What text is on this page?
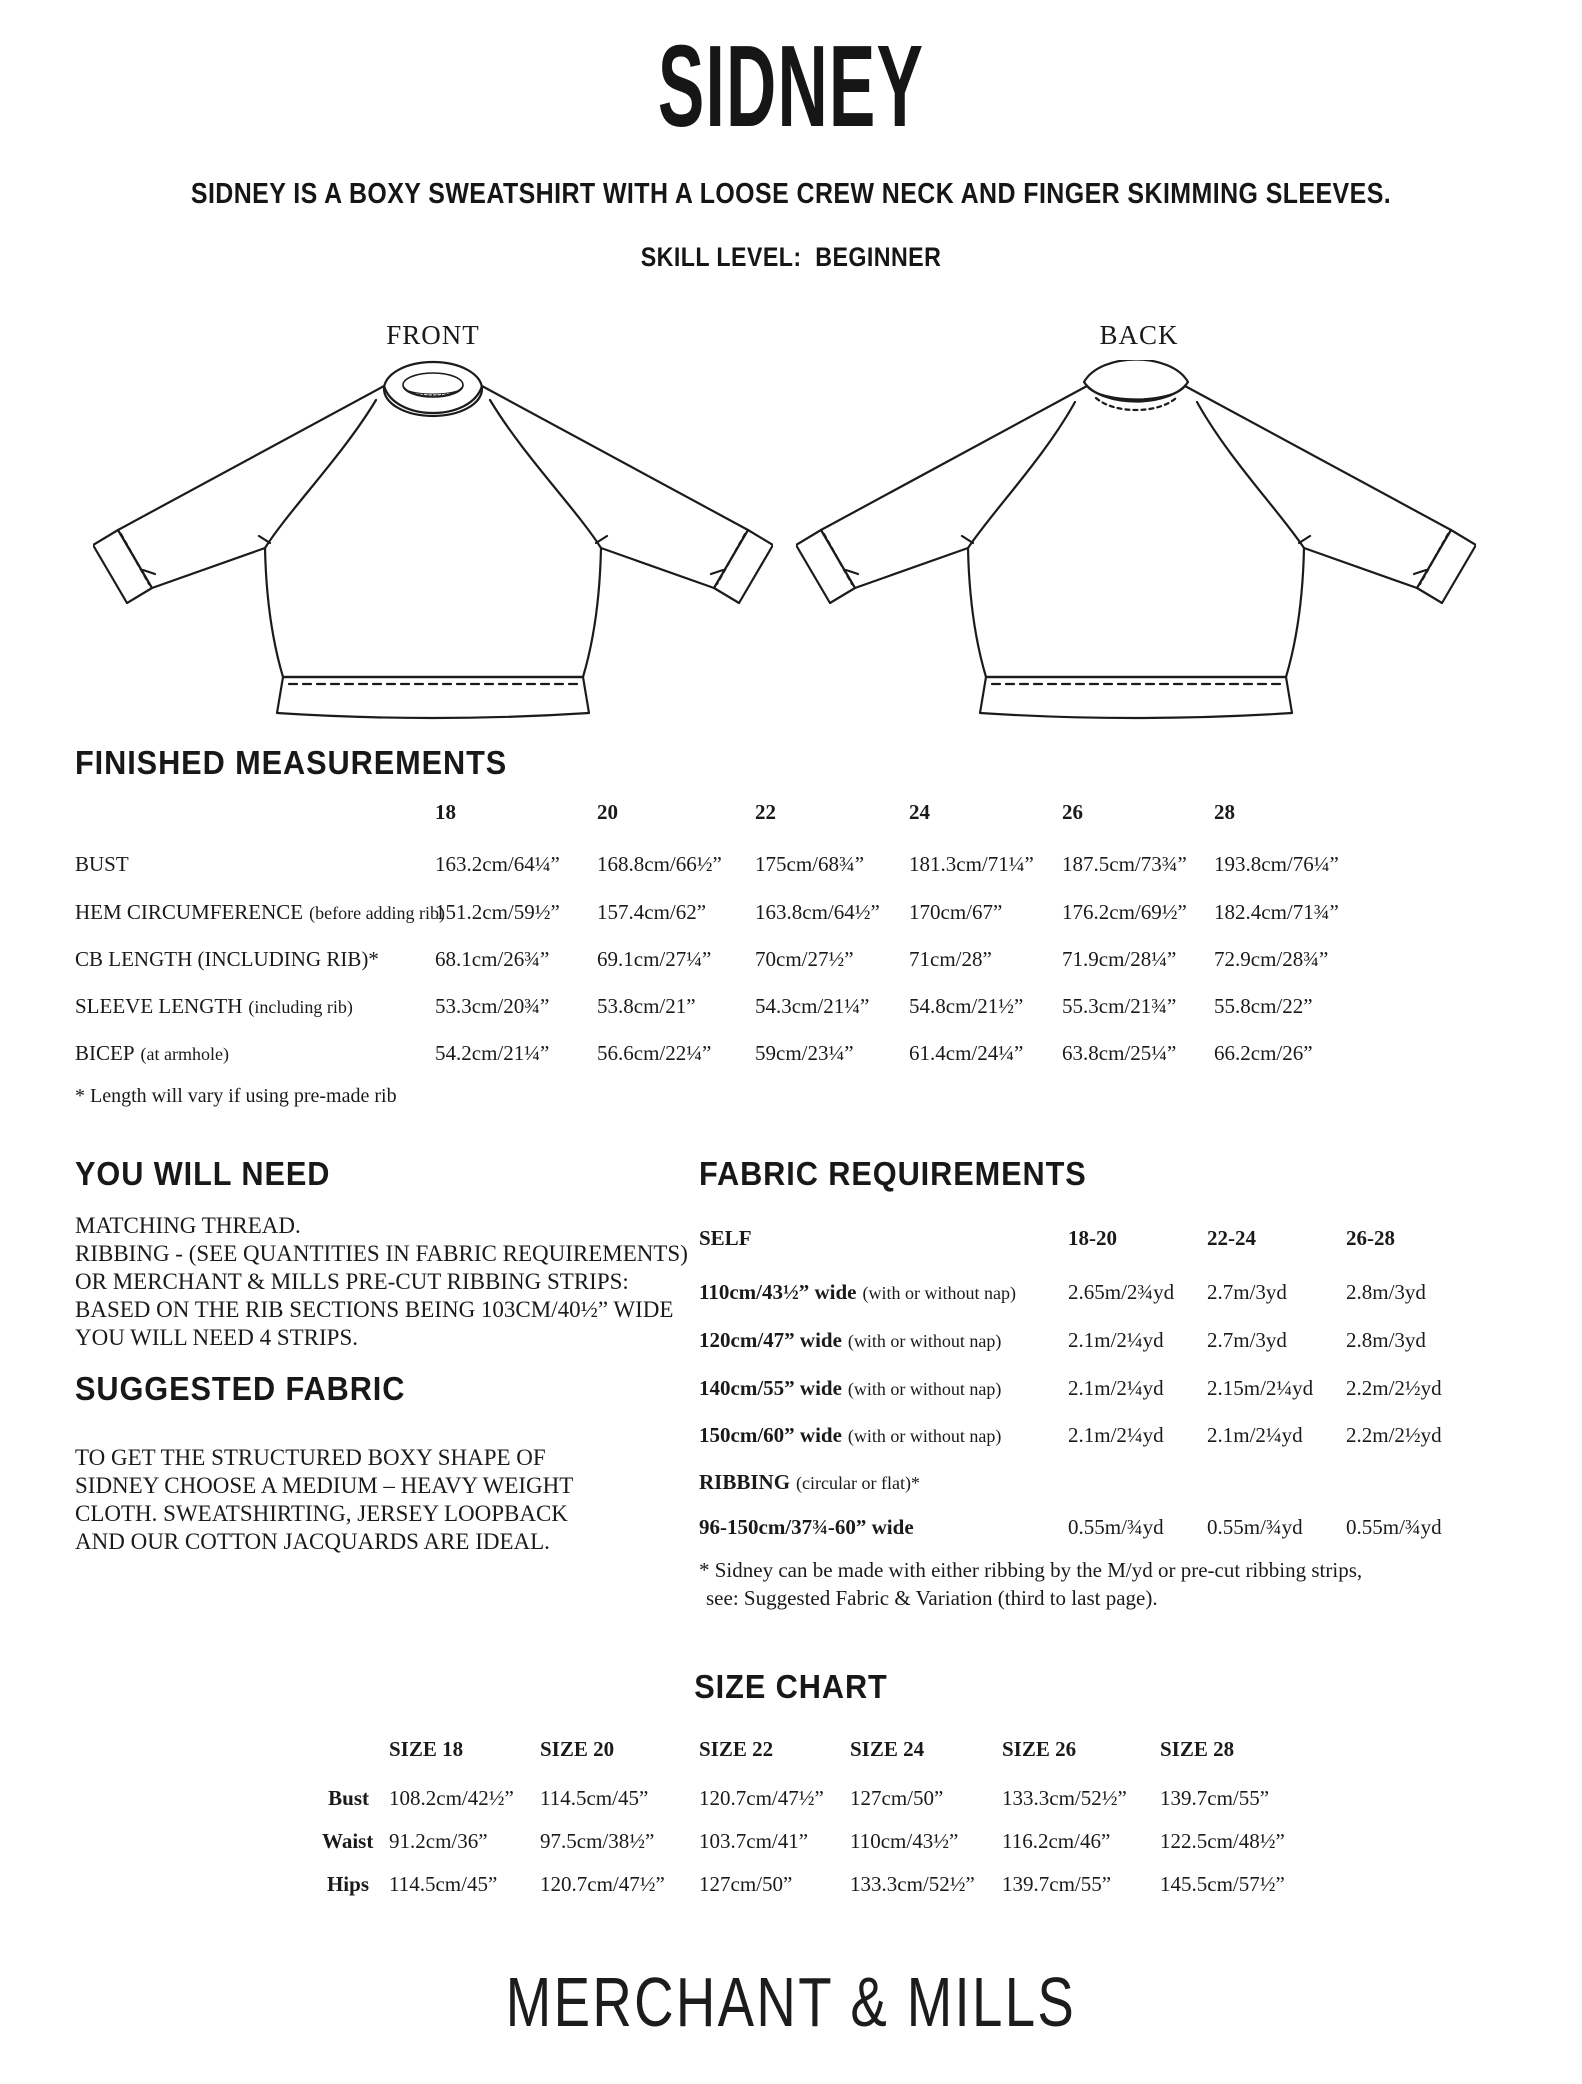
SIDNEY
SIDNEY IS A BOXY SWEATSHIRT WITH A LOOSE CREW NECK AND FINGER SKIMMING SLEEVES.
SKILL LEVEL:  BEGINNER
FRONT	BACK
FINISHED MEASUREMENTS
18	20	22	24	26	28
BUST	163.2cm/64¼”	168.8cm/66½”	175cm/68¾”	181.3cm/71¼”	187.5cm/73¾”	193.8cm/76¼”
HEM CIRCUMFERENCE (before adding rib)
151.2cm/59½”	157.4cm/62”	163.8cm/64½”	170cm/67”	176.2cm/69½”	182.4cm/71¾”
CB LENGTH (INCLUDING RIB)*	68.1cm/26¾”	69.1cm/27¼”	70cm/27½”	71cm/28”	71.9cm/28¼”	72.9cm/28¾”
SLEEVE LENGTH (including rib)	53.3cm/20¾”	53.8cm/21”	54.3cm/21¼”	54.8cm/21½”	55.3cm/21¾”	55.8cm/22”
BICEP (at armhole)	54.2cm/21¼”	56.6cm/22¼”	59cm/23¼”	61.4cm/24¼”	63.8cm/25¼”	66.2cm/26”
* Length will vary if using pre-made rib
YOU WILL NEED
MATCHING THREAD.
RIBBING - (SEE QUANTITIES IN FABRIC REQUIREMENTS) OR MERCHANT & MILLS PRE-CUT RIBBING STRIPS: BASED ON THE RIB SECTIONS BEING 103CM/40½” WIDE YOU WILL NEED 4 STRIPS.
SUGGESTED FABRIC
TO GET THE STRUCTURED BOXY SHAPE OF SIDNEY CHOOSE A MEDIUM – HEAVY WEIGHT CLOTH. SWEATSHIRTING, JERSEY LOOPBACK AND OUR COTTON JACQUARDS ARE IDEAL.
FABRIC REQUIREMENTS
SELF	18-20	22-24	26-28
110cm/43½” wide (with or without nap)	2.65m/2¾yd	2.7m/3yd	2.8m/3yd
120cm/47” wide (with or without nap)	2.1m/2¼yd	2.7m/3yd	2.8m/3yd
140cm/55” wide (with or without nap)	2.1m/2¼yd	2.15m/2¼yd	2.2m/2½yd
150cm/60” wide (with or without nap)	2.1m/2¼yd	2.1m/2¼yd	2.2m/2½yd
RIBBING (circular or flat)*
96-150cm/37¾-60” wide	0.55m/¾yd	0.55m/¾yd	0.55m/¾yd
* Sidney can be made with either ribbing by the M/yd or pre-cut ribbing strips,
see: Suggested Fabric & Variation (third to last page).
SIZE CHART
SIZE 18	SIZE 20	SIZE 22	SIZE 24	SIZE 26	SIZE 28
Bust 108.2cm/42½”	114.5cm/45”	120.7cm/47½”	127cm/50”	133.3cm/52½”	139.7cm/55”
Waist 91.2cm/36”	97.5cm/38½”	103.7cm/41”	110cm/43½”	116.2cm/46”	122.5cm/48½”
Hips 114.5cm/45”	120.7cm/47½”	127cm/50”	133.3cm/52½”	139.7cm/55”	145.5cm/57½”
MERCHANT & MILLS
